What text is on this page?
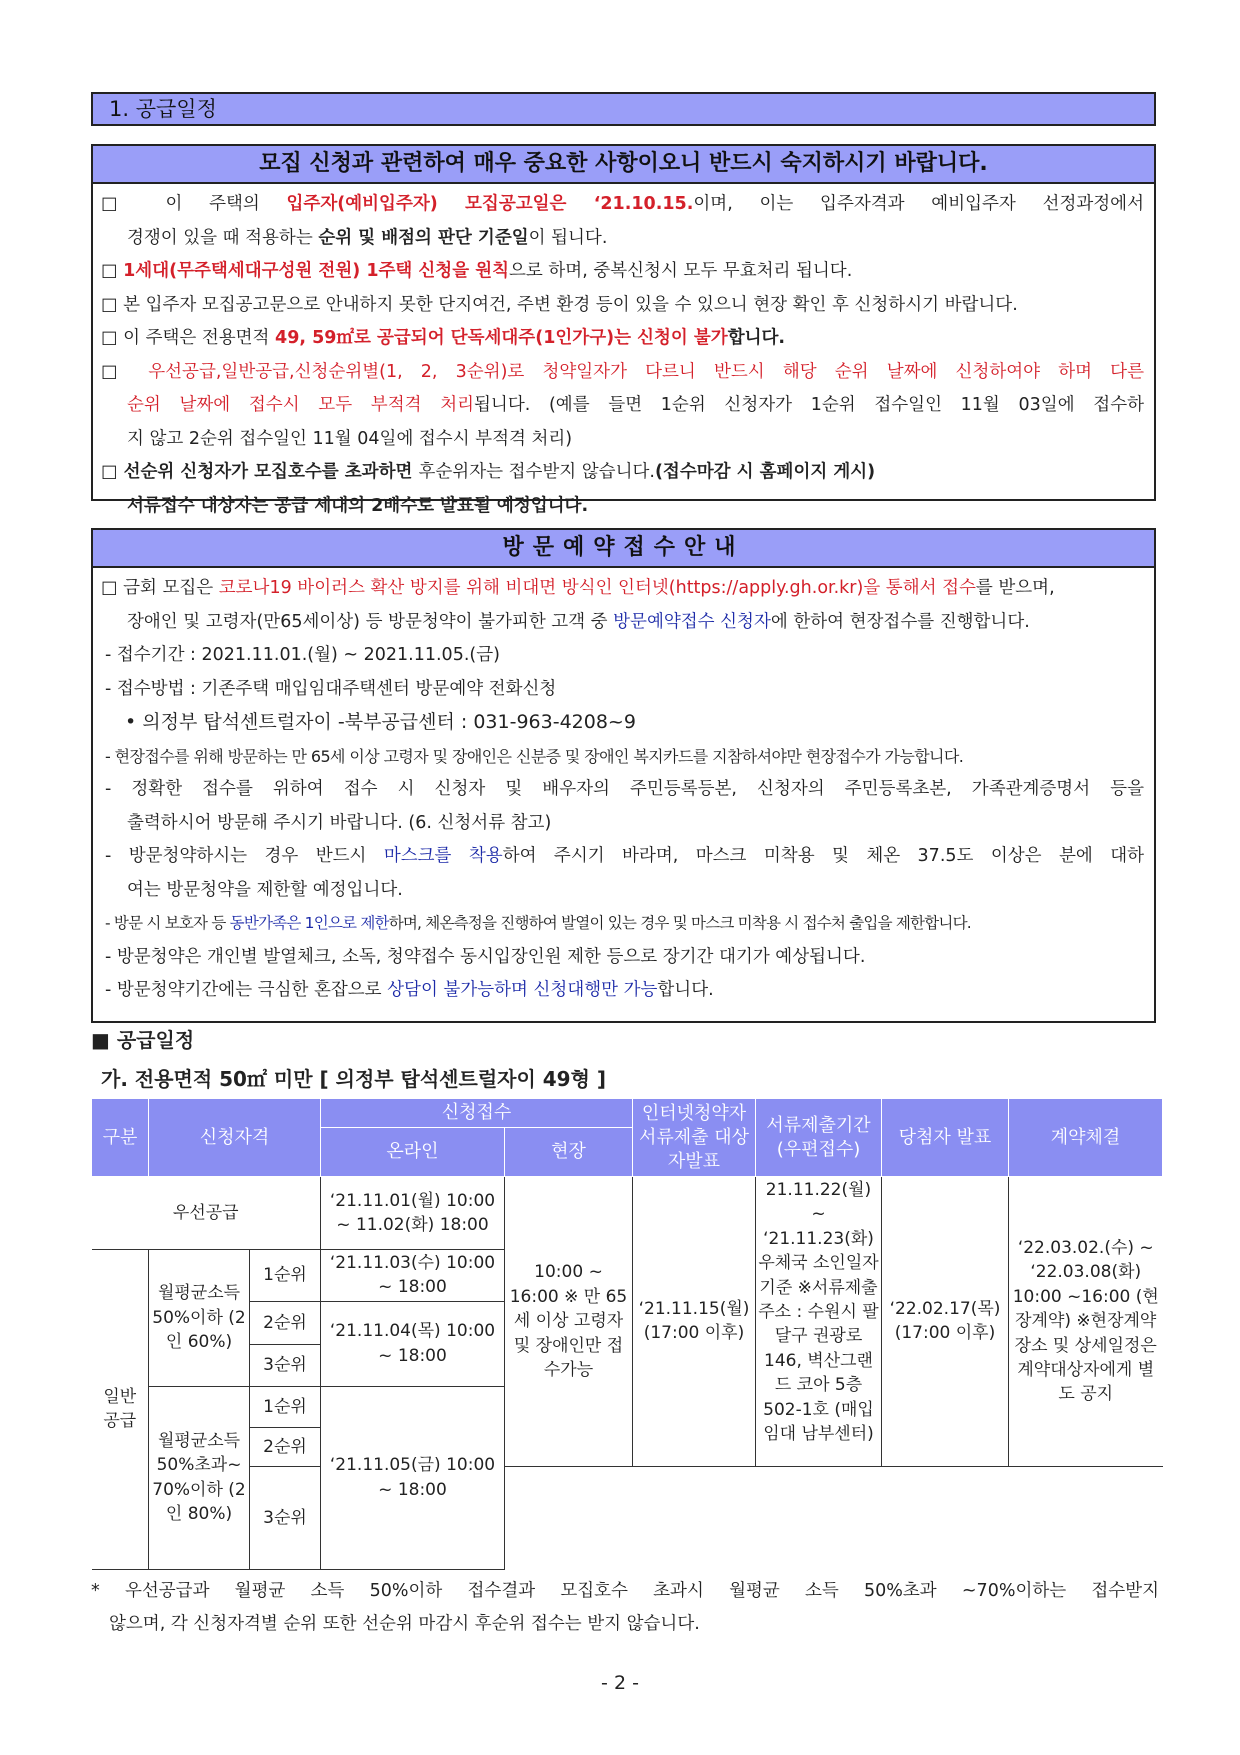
1. 공급일정
모집 신청과 관련하여 매우 중요한 사항이오니 반드시 숙지하시기 바랍니다.
□ 이 주택의 입주자(예비입주자) 모집공고일은 ‘21.10.15.이며, 이는 입주자격과 예비입주자 선정과정에서
경쟁이 있을 때 적용하는 순위 및 배점의 판단 기준일이 됩니다.
□ 1세대(무주택세대구성원 전원) 1주택 신청을 원칙으로 하며, 중복신청시 모두 무효처리 됩니다.
□ 본 입주자 모집공고문으로 안내하지 못한 단지여건, 주변 환경 등이 있을 수 있으니 현장 확인 후 신청하시기 바랍니다.
□ 이 주택은 전용면적 49, 59㎡로 공급되어 단독세대주(1인가구)는 신청이 불가합니다.
□ 우선공급,일반공급,신청순위별(1, 2, 3순위)로 청약일자가 다르니 반드시 해당 순위 날짜에 신청하여야 하며 다른
순위 날짜에 접수시 모두 부적격 처리됩니다. (예를 들면 1순위 신청자가 1순위 접수일인 11월 03일에 접수하
지 않고 2순위 접수일인 11월 04일에 접수시 부적격 처리)
□ 선순위 신청자가 모집호수를 초과하면 후순위자는 접수받지 않습니다.(접수마감 시 홈페이지 게시)
서류접수 대상자는 공급 세대의 2배수로 발표될 예정입니다.
방문예약접수안내
□ 금회 모집은 코로나19 바이러스 확산 방지를 위해 비대면 방식인 인터넷(https://apply.gh.or.kr)을 통해서 접수를 받으며,
장애인 및 고령자(만65세이상) 등 방문청약이 불가피한 고객 중 방문예약접수 신청자에 한하여 현장접수를 진행합니다.
- 접수기간 : 2021.11.01.(월) ~ 2021.11.05.(금)
- 접수방법 : 기존주택 매입임대주택센터 방문예약 전화신청
• 의정부 탑석센트럴자이 -북부공급센터 : 031-963-4208~9
- 현장접수를 위해 방문하는 만 65세 이상 고령자 및 장애인은 신분증 및 장애인 복지카드를 지참하셔야만 현장접수가 가능합니다.
- 정확한 접수를 위하여 접수 시 신청자 및 배우자의 주민등록등본, 신청자의 주민등록초본, 가족관계증명서 등을
출력하시어 방문해 주시기 바랍니다. (6. 신청서류 참고)
- 방문청약하시는 경우 반드시 마스크를 착용하여 주시기 바라며, 마스크 미착용 및 체온 37.5도 이상은 분에 대하
여는 방문청약을 제한할 예정입니다.
- 방문 시 보호자 등 동반가족은 1인으로 제한하며, 체온측정을 진행하여 발열이 있는 경우 및 마스크 미착용 시 접수처 출입을 제한합니다.
- 방문청약은 개인별 발열체크, 소독, 청약접수 동시입장인원 제한 등으로 장기간 대기가 예상됩니다.
- 방문청약기간에는 극심한 혼잡으로 상담이 불가능하며 신청대행만 가능합니다.
■ 공급일정
가. 전용면적 50㎡ 미만 [ 의정부 탑석센트럴자이 49형 ]
구분	신청자격		신청접수		인터넷청약자 서류제출 대상자발표	서류제출기간 (우편접수)	당첨자 발표	계약체결
			온라인	현장				
우선공급			‘21.11.01(월) 10:00 ~ 11.02(화) 18:00	10:00 ~ 16:00 ※ 만 65세 이상 고령자 및 장애인만 접수가능	‘21.11.15(월) (17:00 이후)	21.11.22(월) ~ ‘21.11.23(화) 우체국 소인일자 기준 ※서류제출 주소 : 수원시 팔달구 권광로 146, 벽산그랜드 코아 5층 502-1호 (매입임대 남부센터)	‘22.02.17(목) (17:00 이후)	‘22.03.02.(수) ~ ‘22.03.08(화) 10:00 ~16:00 (현장계약) ※현장계약 장소 및 상세일정은 계약대상자에게 별도 공지
일반 공급	월평균소득 50%이하 (2인 60%)	1순위	‘21.11.03(수) 10:00 ~ 18:00					
		2순위	‘21.11.04(목) 10:00 ~ 18:00					
		3순위						
	월평균소득 50%초과~ 70%이하 (2인 80%)	1순위	‘21.11.05(금) 10:00 ~ 18:00					
		2순위						
		3순위						
* 우선공급과 월평균 소득 50%이하 접수결과 모집호수 초과시 월평균 소득 50%초과 ~70%이하는 접수받지
않으며, 각 신청자격별 순위 또한 선순위 마감시 후순위 접수는 받지 않습니다.
- 2 -
